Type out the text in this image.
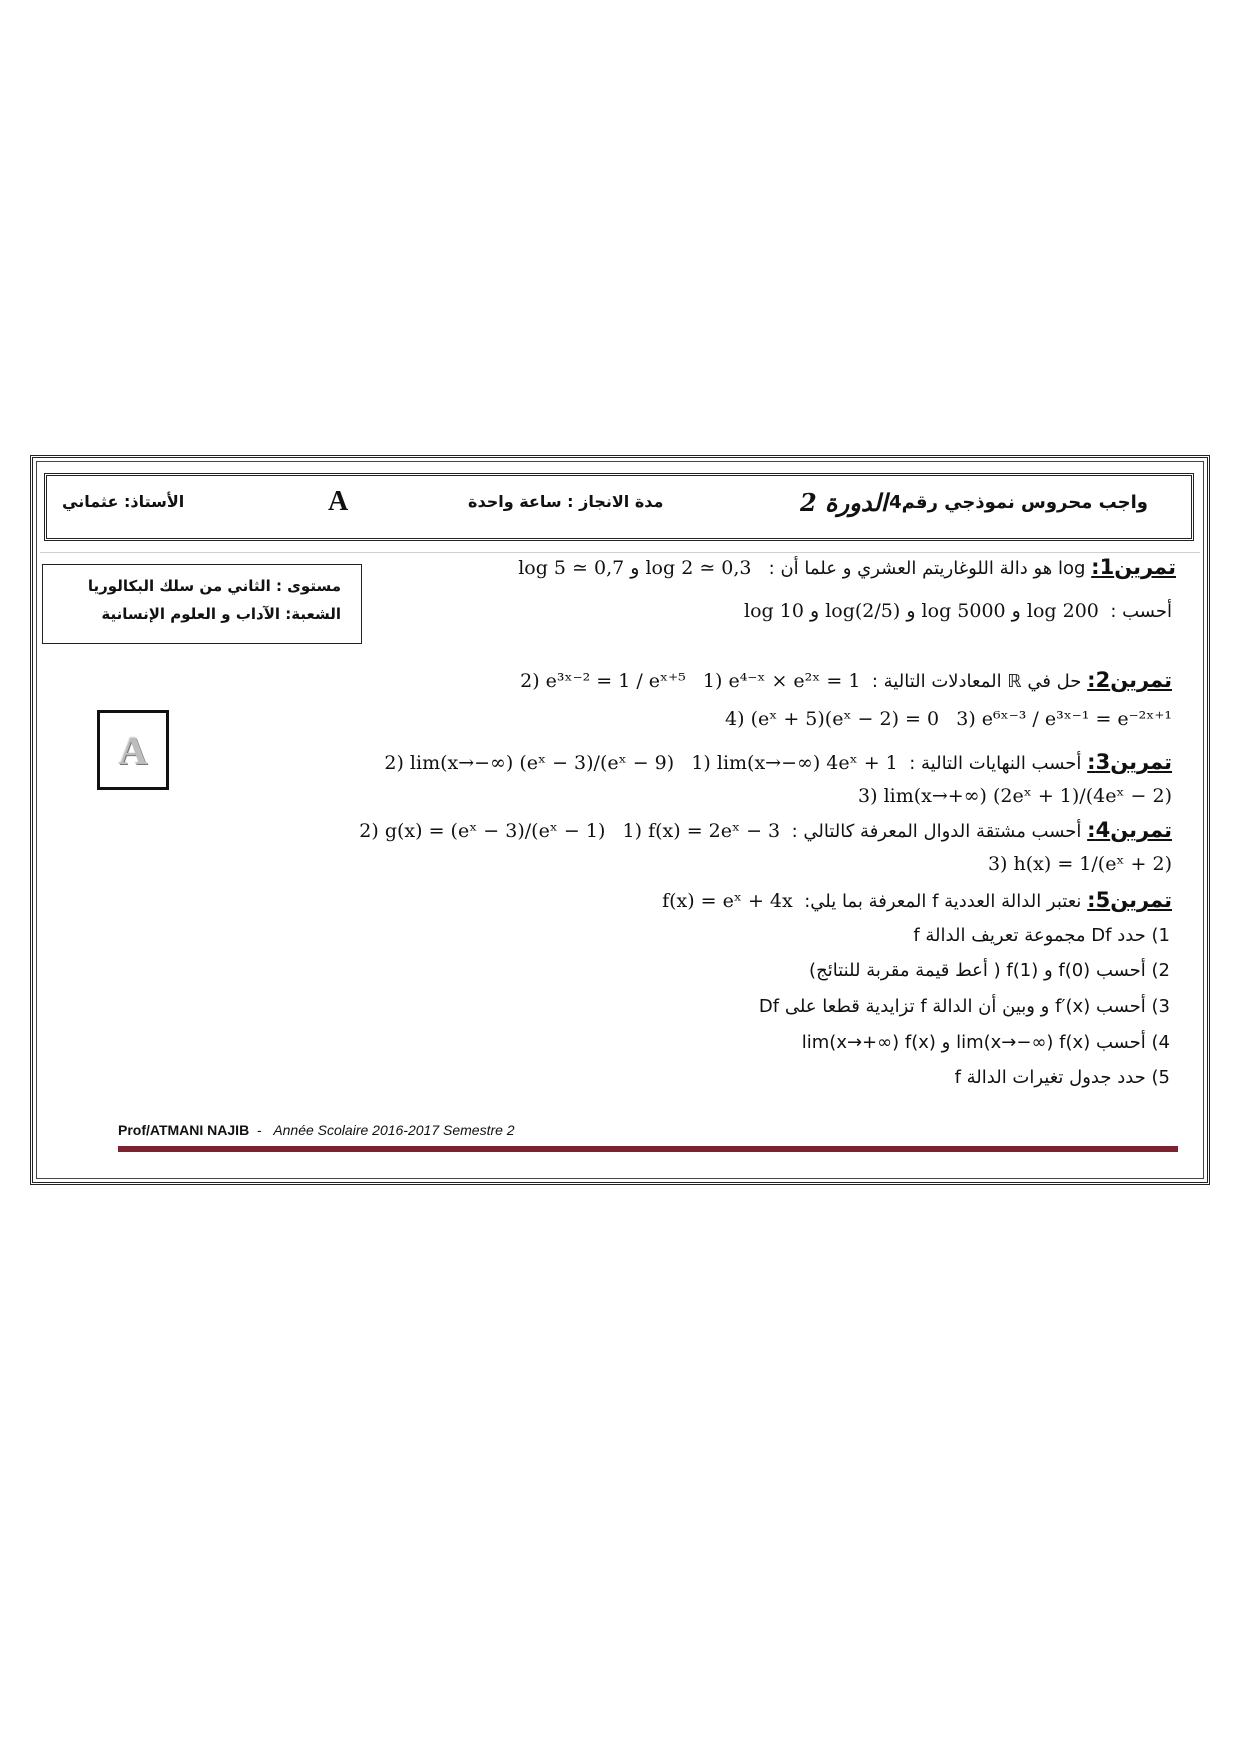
واجب محروس نموذجي رقم4
الدورة 2
مدة الانجاز : ساعة واحدة
A
الأستاذ: عثماني
مستوى : الثاني من سلك البكالوريا
الشعبة: الآداب و العلوم الإنسانية
A
تمرين1: log هو دالة اللوغاريتم العشري و علما أن :   log 5 ≃ 0,7 و log 2 ≃ 0,3
أحسب :  log 10 و log(2/5) و log 5000 و log 200
تمرين2: حل في ℝ المعادلات التالية :  1) e⁴⁻ˣ × e²ˣ = 1   2) e³ˣ⁻² = 1 / eˣ⁺⁵
3) e⁶ˣ⁻³ / e³ˣ⁻¹ = e⁻²ˣ⁺¹   4) (eˣ + 5)(eˣ − 2) = 0
تمرين3: أحسب النهايات التالية :  1) lim(x→−∞) 4eˣ + 1   2) lim(x→−∞) (eˣ − 3)/(eˣ − 9)
3) lim(x→+∞) (2eˣ + 1)/(4eˣ − 2)
تمرين4: أحسب مشتقة الدوال المعرفة كالتالي :  1) f(x) = 2eˣ − 3   2) g(x) = (eˣ − 3)/(eˣ − 1)
3) h(x) = 1/(eˣ + 2)
تمرين5: نعتبر الدالة العددية f المعرفة بما يلي:  f(x) = eˣ + 4x
1) حدد Df مجموعة تعريف الدالة f
2) أحسب f(0) و f(1) ( أعط قيمة مقربة للنتائج)
3) أحسب f′(x) و وبين أن الدالة f تزايدية قطعا على Df
4) أحسب lim(x→−∞) f(x) و lim(x→+∞) f(x)
5) حدد جدول تغيرات الدالة f
Prof/ATMANI NAJIB - Année Scolaire 2016-2017 Semestre 2
